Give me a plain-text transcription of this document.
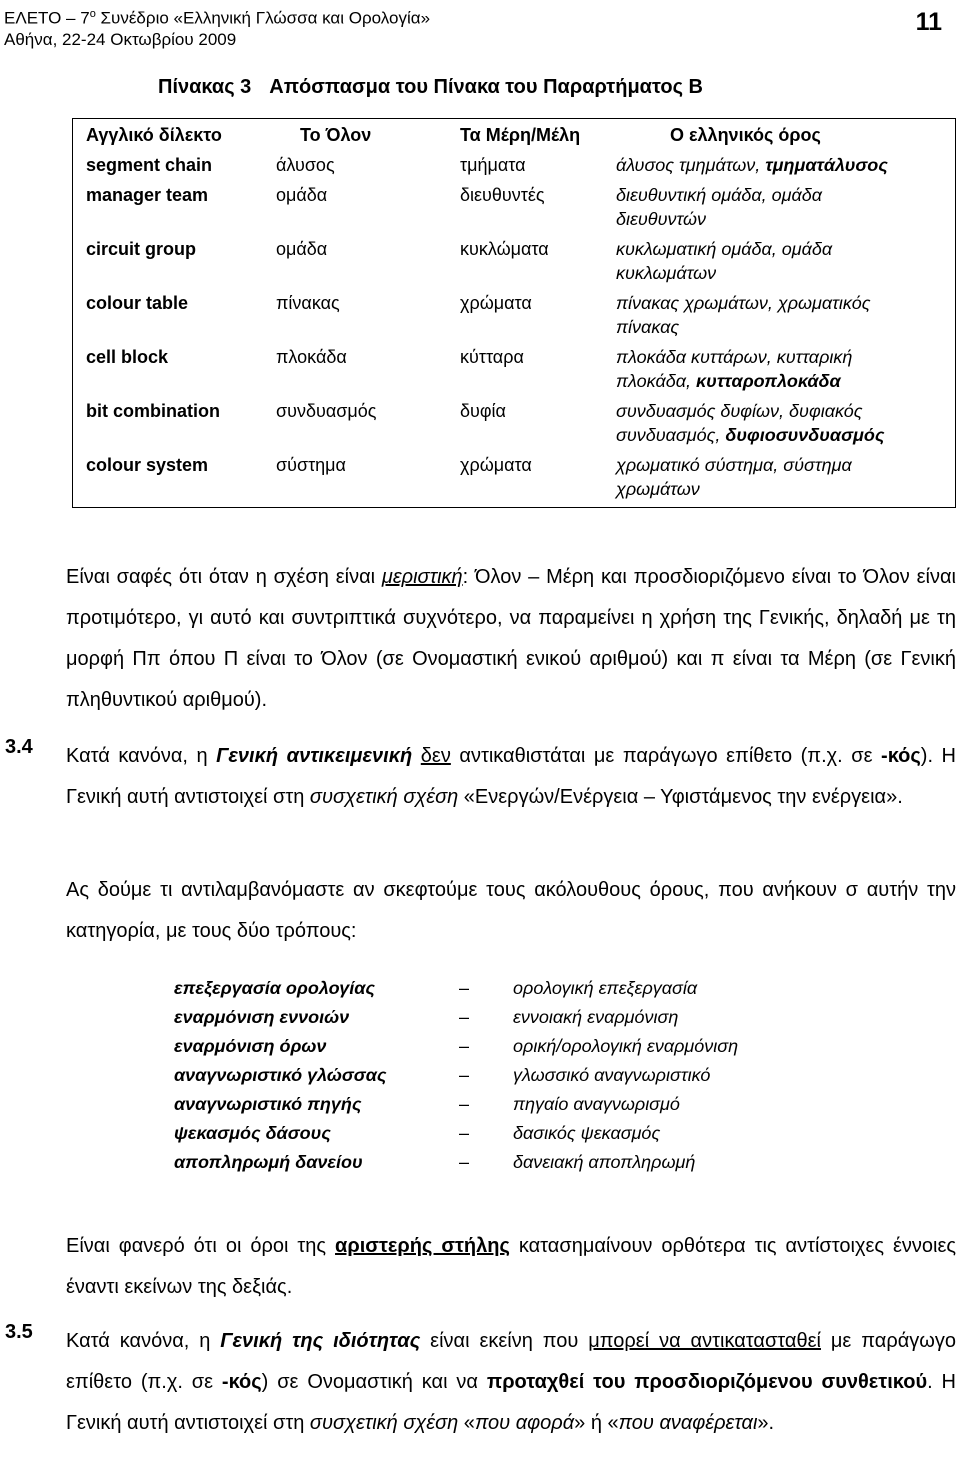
ΕΛΕΤΟ – $7^o$ Συνέδριο «Ελληνική Γλώσσα και Ορολογία»
Αθήνα, 22-24 Οκτωβρίου 2009
11
Πίνακας 3 Απόσπασμα του Πίνακα του Παραρτήματος Β
Αγγλικό δίλεκτο	Το Όλον	Τα Μέρη/Μέλη	Ο ελληνικός όρος
segment chain	άλυσος	τμήματα	άλυσος τμημάτων, τμηματάλυσος
manager team	ομάδα	διευθυντές	διευθυντική ομάδα, ομάδα διευθυντών
circuit group	ομάδα	κυκλώματα	κυκλωματική ομάδα, ομάδα κυκλωμάτων
colour table	πίνακας	χρώματα	πίνακας χρωμάτων, χρωματικός πίνακας
cell block	πλοκάδα	κύτταρα	πλοκάδα κυττάρων, κυτταρική πλοκάδα, κυτταροπλοκάδα
bit combination	συνδυασμός	δυφία	συνδυασμός δυφίων, δυφιακός συνδυασμός, δυφιοσυνδυασμός
colour system	σύστημα	χρώματα	χρωματικό σύστημα, σύστημα χρωμάτων
Είναι σαφές ότι όταν η σχέση είναι μεριστική: Όλον – Μέρη και προσδιοριζόμενο είναι το Όλον είναι προτιμότερο, γι αυτό και συντριπτικά συχνότερο, να παραμείνει η χρήση της Γενικής, δηλαδή με τη μορφή Ππ όπου Π είναι το Όλον (σε Ονομαστική ενικού αριθμού) και π είναι τα Μέρη (σε Γενική πληθυντικού αριθμού).
3.4 Κατά κανόνα, η Γενική αντικειμενική δεν αντικαθιστάται με παράγωγο επίθετο (π.χ. σε -κός). Η Γενική αυτή αντιστοιχεί στη συσχετική σχέση «Ενεργών/Ενέργεια – Υφιστάμενος την ενέργεια».
Ας δούμε τι αντιλαμβανόμαστε αν σκεφτούμε τους ακόλουθους όρους, που ανήκουν σ αυτήν την κατηγορία, με τους δύο τρόπους:
επεξεργασία ορολογίας	– ορολογική επεξεργασία
εναρμόνιση εννοιών	– εννοιακή εναρμόνιση
εναρμόνιση όρων	– ορική/ορολογική εναρμόνιση
αναγνωριστικό γλώσσας	– γλωσσικό αναγνωριστικό
αναγνωριστικό πηγής	– πηγαίο αναγνωρισμό
ψεκασμός δάσους	– δασικός ψεκασμός
αποπληρωμή δανείου	– δανειακή αποπληρωμή
Είναι φανερό ότι οι όροι της αριστερής στήλης κατασημαίνουν ορθότερα τις αντίστοιχες έννοιες έναντι εκείνων της δεξιάς.
3.5 Κατά κανόνα, η Γενική της ιδιότητας είναι εκείνη που μπορεί να αντικατασταθεί με παράγωγο επίθετο (π.χ. σε -κός) σε Ονομαστική και να προταχθεί του προσδιοριζόμενου συνθετικού. Η Γενική αυτή αντιστοιχεί στη συσχετική σχέση «που αφορά» ή «που αναφέρεται».
